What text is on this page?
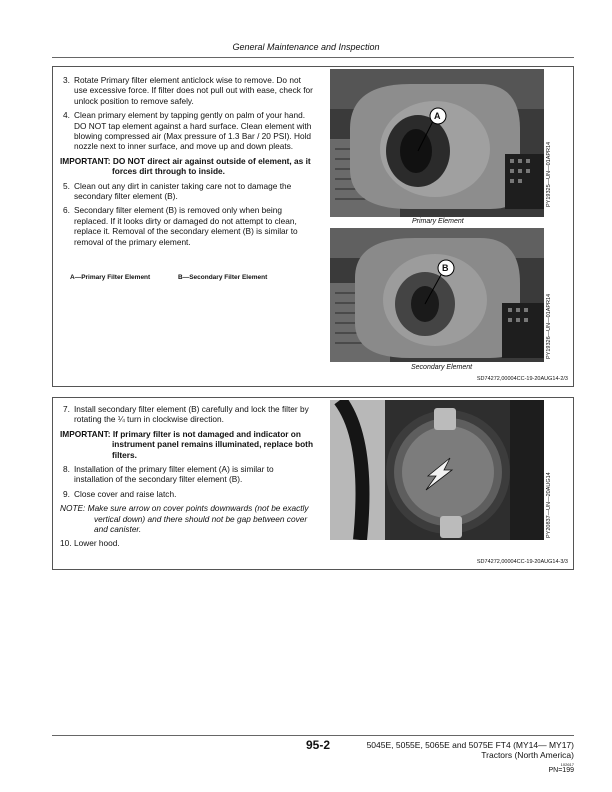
General Maintenance and Inspection
3. Rotate Primary filter element anticlock wise to remove. Do not use excessive force. If filter does not pull out with ease, check for unlock position to remove safely.
4. Clean primary element by tapping gently on palm of your hand. DO NOT tap element against a hard surface. Clean element with blowing compressed air (Max pressure of 1.3 Bar / 20 PSI). Hold nozzle next to inner surface, and move up and down pleats.
IMPORTANT: DO NOT direct air against outside of element, as it forces dirt through to inside.
5. Clean out any dirt in canister taking care not to damage the secondary filter element (B).
6. Secondary filter element (B) is removed only when being replaced. If it looks dirty or damaged do not attempt to clean, replace it. Removal of the secondary element (B) is similar to removal of the primary element.
A—Primary Filter Element	B—Secondary Filter Element
A
PY19325—UN—01APR14
Primary Element
B
PY19326—UN—01APR14
Secondary Element
SD74272,00004CC-19-20AUG14-2/3
7. Install secondary filter element (B) carefully and lock the filter by rotating the ¼ turn in clockwise direction.
IMPORTANT: If primary filter is not damaged and indicator on instrument panel remains illuminated, replace both filters.
8. Installation of the primary filter element (A) is similar to installation of the secondary filter element (B).
9. Close cover and raise latch.
NOTE: Make sure arrow on cover points downwards (not be exactly vertical down) and there should not be gap between cover and canister.
10. Lower hood.
PY20837—UN—20AUG14
SD74272,00004CC-19-20AUG14-3/3
95-2	5045E, 5055E, 5065E and 5075E FT4 (MY14— MY17)
Tractors (North America)
102617
PN=199
